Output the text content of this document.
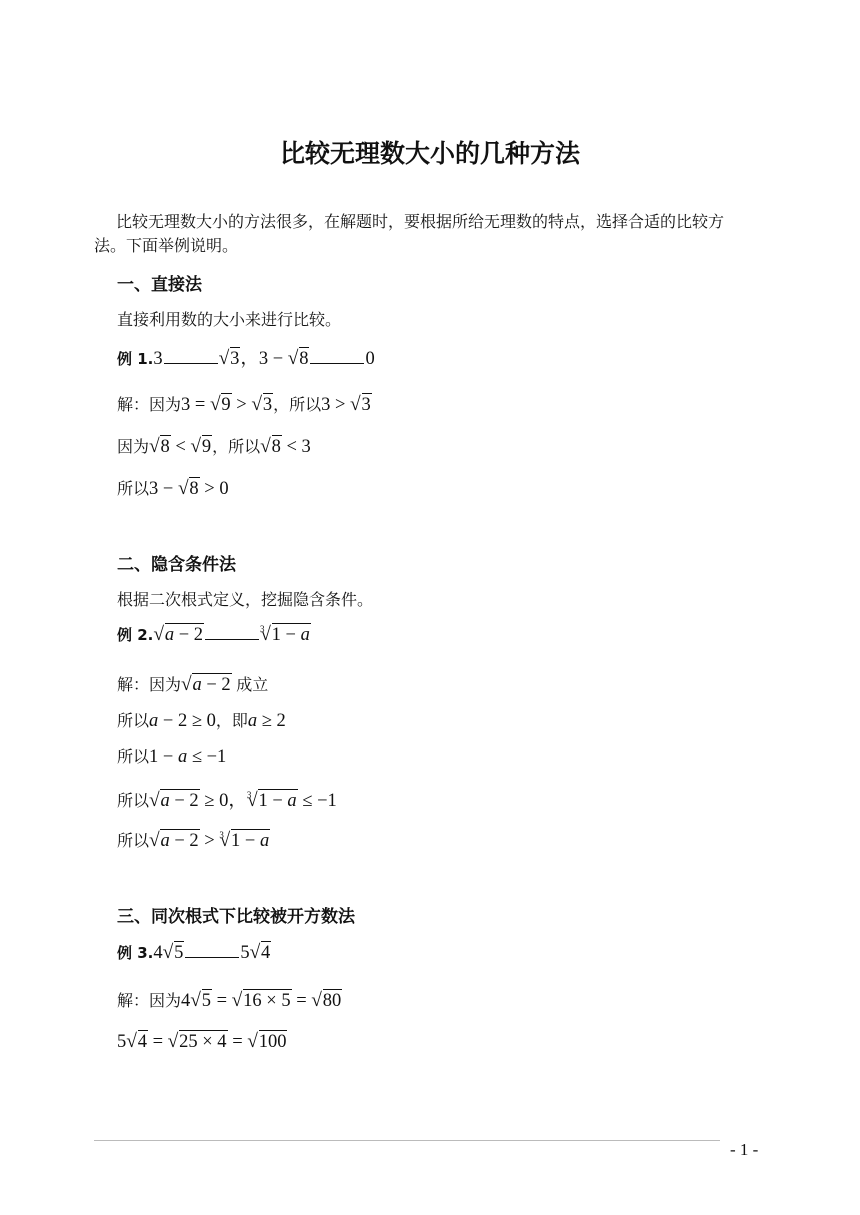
比较无理数大小的几种方法
比较无理数大小的方法很多，在解题时，要根据所给无理数的特点，选择合适的比较方
法。下面举例说明。
一、直接法
直接利用数的大小来进行比较。
例 1.3	√ 3，3 − √ 8	0
解：因为3 = √ 9 > √ 3，所以3 > √ 3
因为 √ 8 < √ 9，所以 √ 8 < 3
所以3 − √ 8 > 0
二、隐含条件法
根据二次根式定义，挖掘隐含条件。
例 2. √ a − 2	$^3$ √ 1 − a
解：因为 √ a − 2 成立
所以a − 2 ≥ 0，即a ≥ 2
所以1 − a ≤ −1
所以 √ a − 2 ≥ 0，$^3$ √ 1 − a ≤ −1
所以 √ a − 2 > $^3$ √ 1 − a
三、同次根式下比较被开方数法
例 3.4 √ 5	5 √ 4
解：因为4 √ 5 = √ 16 × 5 = √ 80
5 √ 4 = √ 25 × 4 = √ 100
- 1 -
